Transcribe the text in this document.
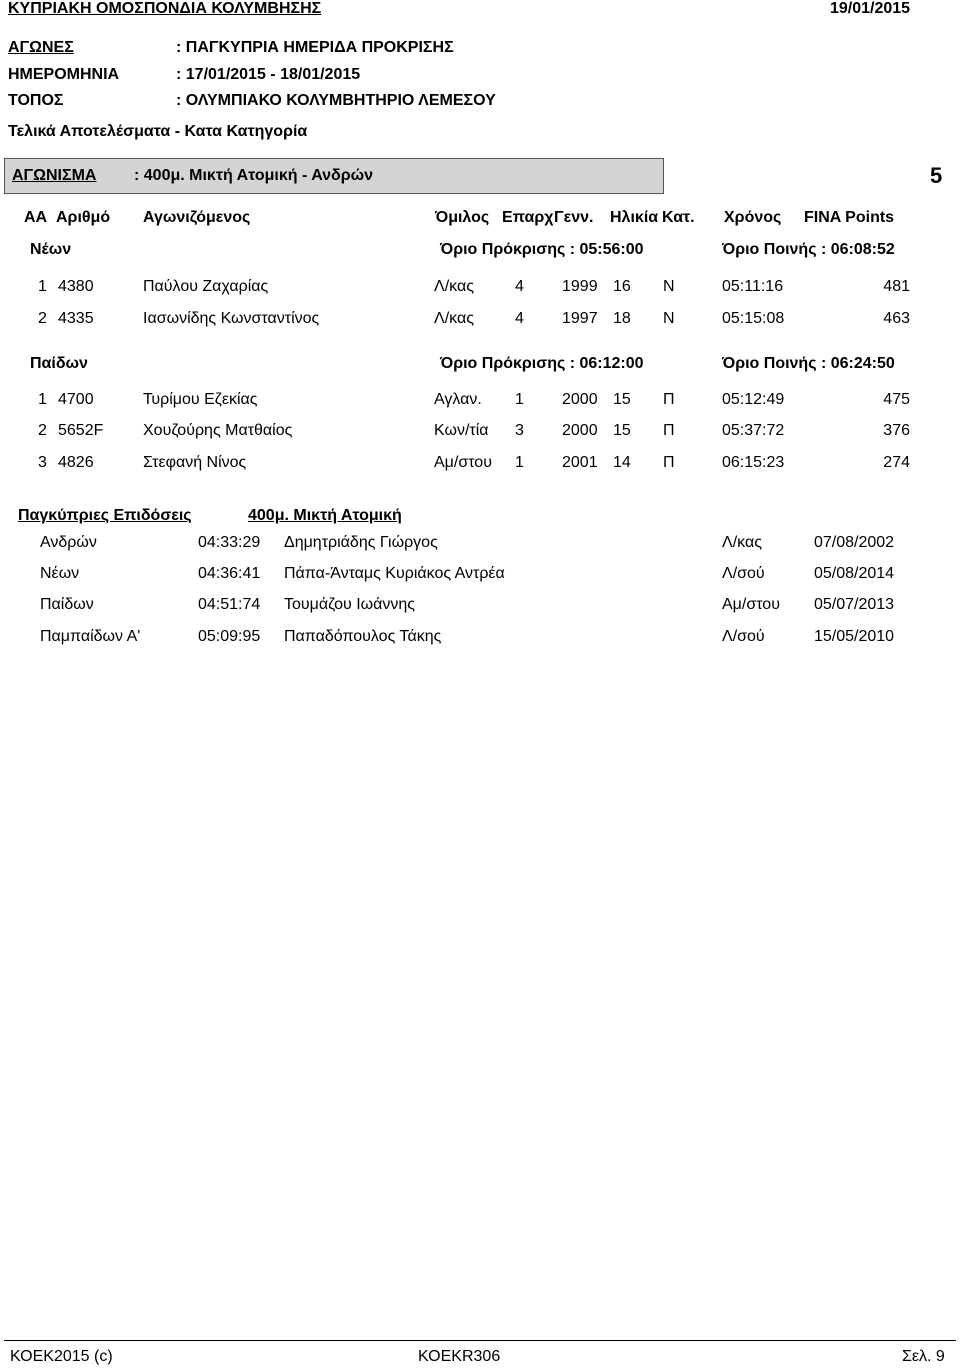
ΚΥΠΡΙΑΚΗ ΟΜΟΣΠΟΝΔΙΑ ΚΟΛΥΜΒΗΣΗΣ	19/01/2015
ΑΓΩΝΕΣ	: ΠΑΓΚΥΠΡΙΑ ΗΜΕΡΙΔΑ ΠΡΟΚΡΙΣΗΣ
ΗΜΕΡΟΜΗΝΙΑ	: 17/01/2015 - 18/01/2015
ΤΟΠΟΣ	: ΟΛΥΜΠΙΑΚΟ ΚΟΛΥΜΒΗΤΗΡΙΟ ΛΕΜΕΣΟΥ
Τελικά Αποτελέσματα - Κατα Κατηγορία
ΑΓΩΝΙΣΜΑ : 400μ. Μικτή Ατομική - Ανδρών	5
ΑΑ Αριθμό Αγωνιζόμενος	Όμιλος Επαρχ Γενν. Ηλικία Κατ. Χρόνος FINA Points
Νέων	Όριο Πρόκρισης : 05:56:00	Όριο Ποινής : 06:08:52
1 4380	Παύλου Ζαχαρίας	Λ/κας	4 1999 16 Ν	05:11:16	481
2 4335	Ιασωνίδης Κωνσταντίνος	Λ/κας	4 1997 18 Ν	05:15:08	463
Παίδων	Όριο Πρόκρισης : 06:12:00	Όριο Ποινής : 06:24:50
1 4700	Τυρίμου Εζεκίας	Αγλαν. 1 2000 15 Π	05:12:49	475
2 5652F Χουζούρης Ματθαίος	Κων/τία 3 2000 15 Π	05:37:72	376
3 4826	Στεφανή Νίνος	Αμ/στου 1 2001 14 Π	06:15:23	274
Παγκύπριες Επιδόσεις	400μ. Μικτή Ατομική
Ανδρών	04:33:29 Δημητριάδης Γιώργος	Λ/κας	07/08/2002
Νέων	04:36:41 Πάπα-Άνταμς Κυριάκος Αντρέα	Λ/σού	05/08/2014
Παίδων	04:51:74 Τουμάζου Ιωάννης	Αμ/στου 05/07/2013
Παμπαίδων Α'	05:09:95 Παπαδόπουλος Τάκης	Λ/σού	15/05/2010
ΚΟΕΚ2015 (c)	ΚΟΕΚR306	Σελ. 9
